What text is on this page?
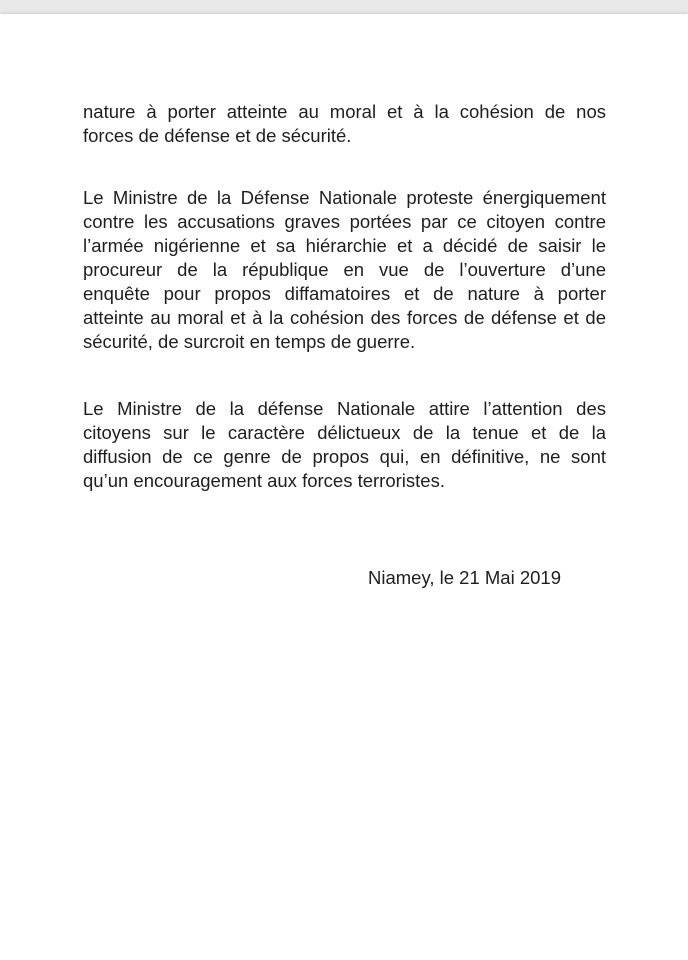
nature à porter atteinte au moral et à la cohésion de nos
forces de défense et de sécurité.

Le Ministre de la Défense Nationale proteste énergiquement
contre les accusations graves portées par ce citoyen contre
l’armée nigérienne et sa hiérarchie et a décidé de saisir le
procureur de la république en vue de l’ouverture d’une
enquête pour propos diffamatoires et de nature à porter
atteinte au moral et à la cohésion des forces de défense et de
sécurité, de surcroit en temps de guerre.

Le Ministre de la défense Nationale attire l’attention des
citoyens sur le caractère délictueux de la tenue et de la
diffusion de ce genre de propos qui, en définitive, ne sont
qu’un encouragement aux forces terroristes.

Niamey, le 21 Mai 2019
